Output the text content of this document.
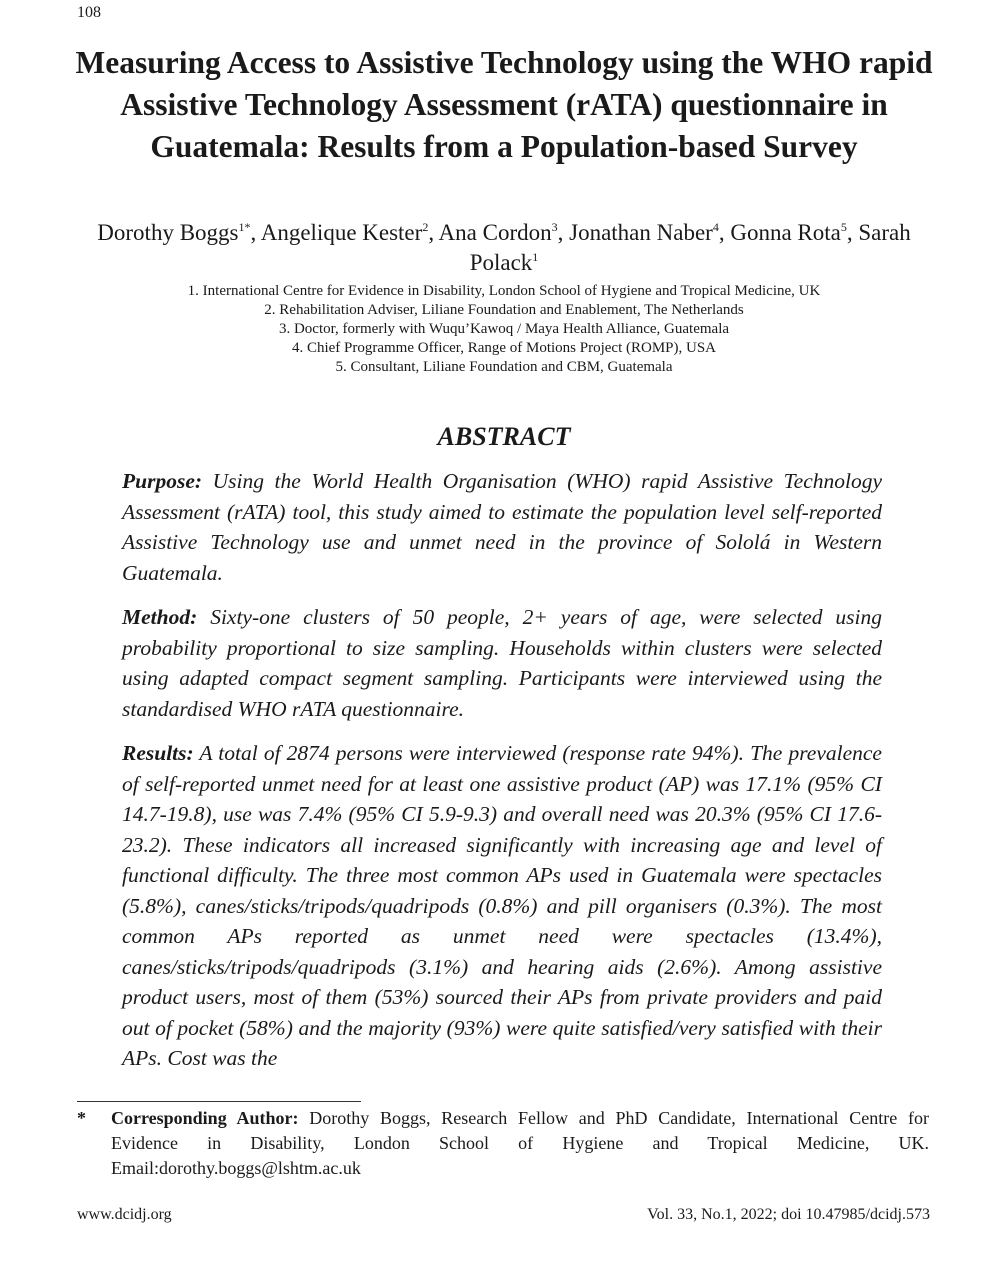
108
Measuring Access to Assistive Technology using the WHO rapid Assistive Technology Assessment (rATA) questionnaire in Guatemala: Results from a Population-based Survey
Dorothy Boggs$^{1*}$, Angelique Kester$^2$, Ana Cordon$^3$, Jonathan Naber$^4$, Gonna Rota$^5$, Sarah Polack$^1$
1. International Centre for Evidence in Disability, London School of Hygiene and Tropical Medicine, UK
2. Rehabilitation Adviser, Liliane Foundation and Enablement, The Netherlands
3. Doctor, formerly with Wuqu’Kawoq / Maya Health Alliance, Guatemala
4. Chief Programme Officer, Range of Motions Project (ROMP), USA
5. Consultant, Liliane Foundation and CBM, Guatemala
ABSTRACT

Purpose: Using the World Health Organisation (WHO) rapid Assistive Technology Assessment (rATA) tool, this study aimed to estimate the population level self-reported Assistive Technology use and unmet need in the province of Sololá in Western Guatemala.

Method: Sixty-one clusters of 50 people, 2+ years of age, were selected using probability proportional to size sampling. Households within clusters were selected using adapted compact segment sampling. Participants were interviewed using the standardised WHO rATA questionnaire.

Results: A total of 2874 persons were interviewed (response rate 94%). The prevalence of self-reported unmet need for at least one assistive product (AP) was 17.1% (95% CI 14.7-19.8), use was 7.4% (95% CI 5.9-9.3) and overall need was 20.3% (95% CI 17.6-23.2). These indicators all increased significantly with increasing age and level of functional difficulty. The three most common APs used in Guatemala were spectacles (5.8%), canes/sticks/tripods/quadripods (0.8%) and pill organisers (0.3%). The most common APs reported as unmet need were spectacles (13.4%), canes/sticks/tripods/quadripods (3.1%) and hearing aids (2.6%). Among assistive product users, most of them (53%) sourced their APs from private providers and paid out of pocket (58%) and the majority (93%) were quite satisfied/very satisfied with their APs. Cost was the

* Corresponding Author: Dorothy Boggs, Research Fellow and PhD Candidate, International Centre for Evidence in Disability, London School of Hygiene and Tropical Medicine, UK. Email:dorothy.boggs@lshtm.ac.uk
www.dcidj.org	Vol. 33, No.1, 2022; doi 10.47985/dcidj.573
